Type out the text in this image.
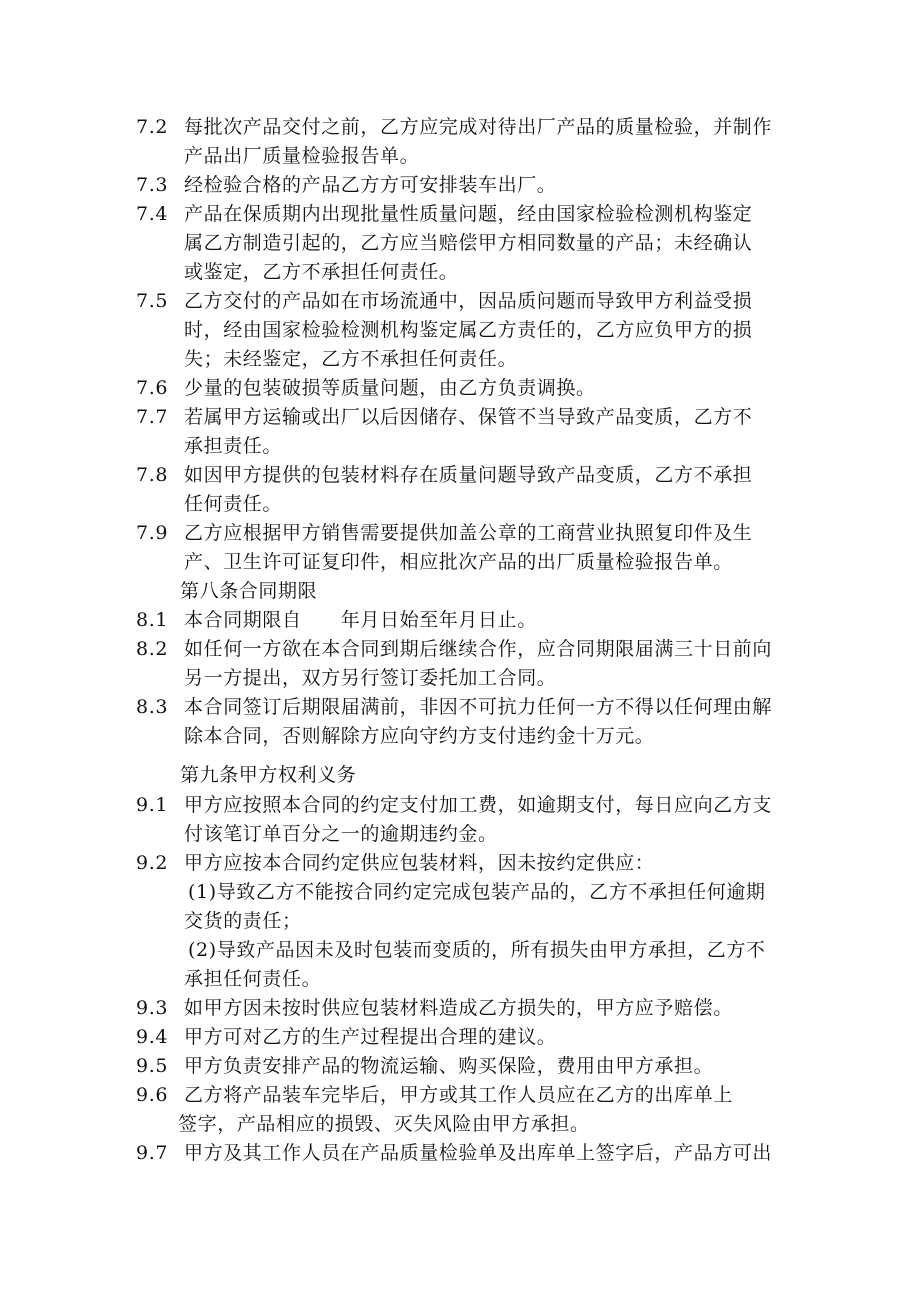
7.2 每批次产品交付之前，乙方应完成对待出厂产品的质量检验，并制作
产品出厂质量检验报告单。
7.3 经检验合格的产品乙方方可安排装车出厂。
7.4 产品在保质期内出现批量性质量问题，经由国家检验检测机构鉴定
属乙方制造引起的，乙方应当赔偿甲方相同数量的产品；未经确认
或鉴定，乙方不承担任何责任。
7.5 乙方交付的产品如在市场流通中，因品质问题而导致甲方利益受损
时，经由国家检验检测机构鉴定属乙方责任的，乙方应负甲方的损
失；未经鉴定，乙方不承担任何责任。
7.6 少量的包装破损等质量问题，由乙方负责调换。
7.7 若属甲方运输或出厂以后因储存、保管不当导致产品变质，乙方不
承担责任。
7.8 如因甲方提供的包装材料存在质量问题导致产品变质，乙方不承担
任何责任。
7.9 乙方应根据甲方销售需要提供加盖公章的工商营业执照复印件及生
产、卫生许可证复印件，相应批次产品的出厂质量检验报告单。
第八条合同期限
8.1 本合同期限自　　年月日始至年月日止。
8.2 如任何一方欲在本合同到期后继续合作，应合同期限届满三十日前向
另一方提出，双方另行签订委托加工合同。
8.3 本合同签订后期限届满前，非因不可抗力任何一方不得以任何理由解
除本合同，否则解除方应向守约方支付违约金十万元。
第九条甲方权利义务
9.1 甲方应按照本合同的约定支付加工费，如逾期支付，每日应向乙方支
付该笔订单百分之一的逾期违约金。
9.2 甲方应按本合同约定供应包装材料，因未按约定供应：
(1)导致乙方不能按合同约定完成包装产品的，乙方不承担任何逾期
交货的责任；
(2)导致产品因未及时包装而变质的，所有损失由甲方承担，乙方不
承担任何责任。
9.3 如甲方因未按时供应包装材料造成乙方损失的，甲方应予赔偿。
9.4 甲方可对乙方的生产过程提出合理的建议。
9.5 甲方负责安排产品的物流运输、购买保险，费用由甲方承担。
9.6 乙方将产品装车完毕后，甲方或其工作人员应在乙方的出库单上
签字，产品相应的损毁、灭失风险由甲方承担。
9.7 甲方及其工作人员在产品质量检验单及出库单上签字后，产品方可出
